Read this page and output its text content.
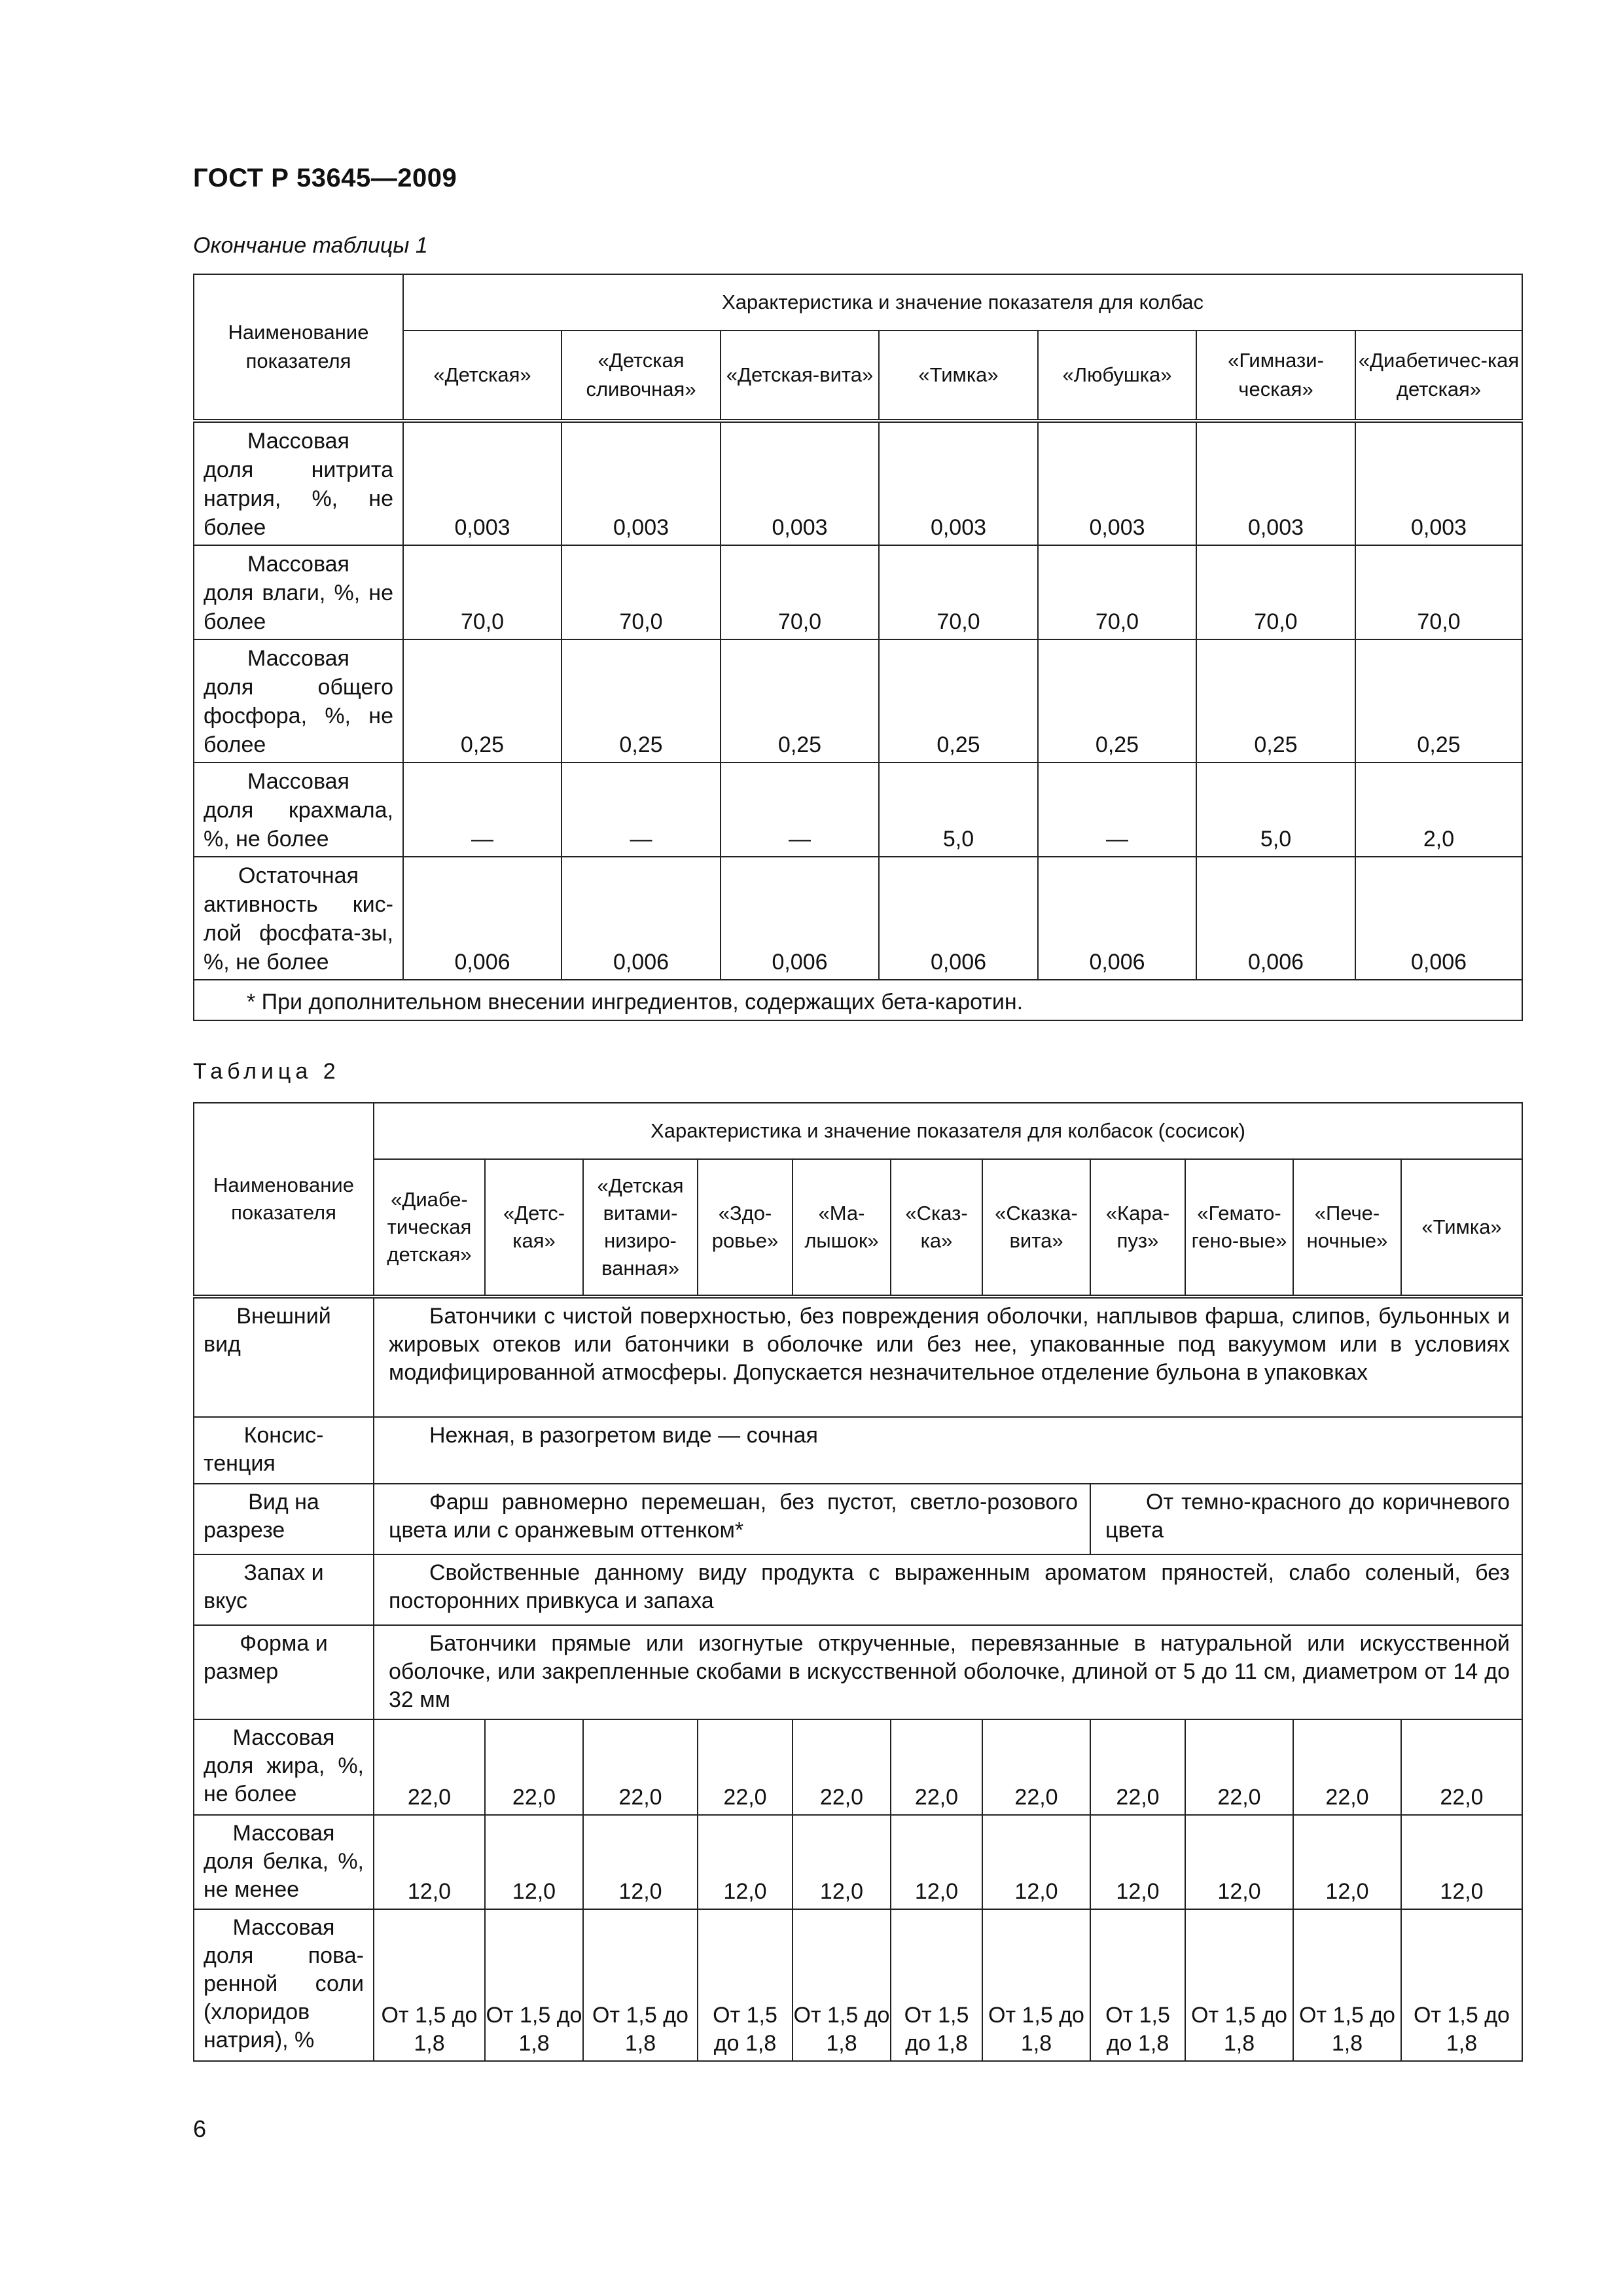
ГОСТ Р 53645—2009
Окончание таблицы 1
Наименование показателя	Характеристика и значение показателя для колбас						
	«Детская»	«Детская сливочная»	«Детская-вита»	«Тимка»	«Любушка»	«Гимнази-ческая»	«Диабетичес-кая детская»

Массовая
доля нитрита натрия, %, не более	0,003	0,003	0,003	0,003	0,003	0,003	0,003

Массовая
доля влаги, %, не более	70,0	70,0	70,0	70,0	70,0	70,0	70,0

Массовая
доля общего фосфора, %, не более	0,25	0,25	0,25	0,25	0,25	0,25	0,25

Массовая
доля крахмала, %, не более	—	—	—	5,0	—	5,0	2,0

Остаточная
активность кис-лой фосфата-зы, %, не более	0,006	0,006	0,006	0,006	0,006	0,006	0,006
* При дополнительном внесении ингредиентов, содержащих бета-каротин.							
Таблица 2
Наименование показателя	Характеристика и значение показателя для колбасок (сосисок)										
	«Диабе-тическая детская»	«Детс-кая»	«Детская витами-низиро-ванная»	«Здо-ровье»	«Ма-лышок»	«Сказ-ка»	«Сказка-вита»	«Кара-пуз»	«Гемато-гено-вые»	«Пече-ночные»	«Тимка»

Внешний
вид	Батончики с чистой поверхностью, без повреждения оболочки, наплывов фарша, слипов, бульонных и жировых отеков или батончики в оболочке или без нее, упакованные под вакуумом или в условиях модифицированной атмосферы. Допускается незначительное отделение бульона в упаковках										

Консис-
тенция	Нежная, в разогретом виде — сочная										

Вид на
разрезе	Фарш равномерно перемешан, без пустот, светло-розового цвета или с оранжевым оттенком*							От темно-красного до коричневого цвета			

Запах и
вкус	Свойственные данному виду продукта с выраженным ароматом пряностей, слабо соленый, без посторонних привкуса и запаха										

Форма и
размер	Батончики прямые или изогнутые открученные, перевязанные в натуральной или искусственной оболочке, или закрепленные скобами в искусственной оболочке, длиной от 5 до 11 см, диаметром от 14 до 32 мм										

Массовая
доля жира, %, не более	22,0	22,0	22,0	22,0	22,0	22,0	22,0	22,0	22,0	22,0	22,0

Массовая
доля белка, %, не менее	12,0	12,0	12,0	12,0	12,0	12,0	12,0	12,0	12,0	12,0	12,0

Массовая
доля пова-ренной соли (хлоридов натрия), %	От 1,5 до 1,8	От 1,5 до 1,8	От 1,5 до 1,8	От 1,5 до 1,8	От 1,5 до 1,8	От 1,5 до 1,8	От 1,5 до 1,8	От 1,5 до 1,8	От 1,5 до 1,8	От 1,5 до 1,8	От 1,5 до 1,8
6
